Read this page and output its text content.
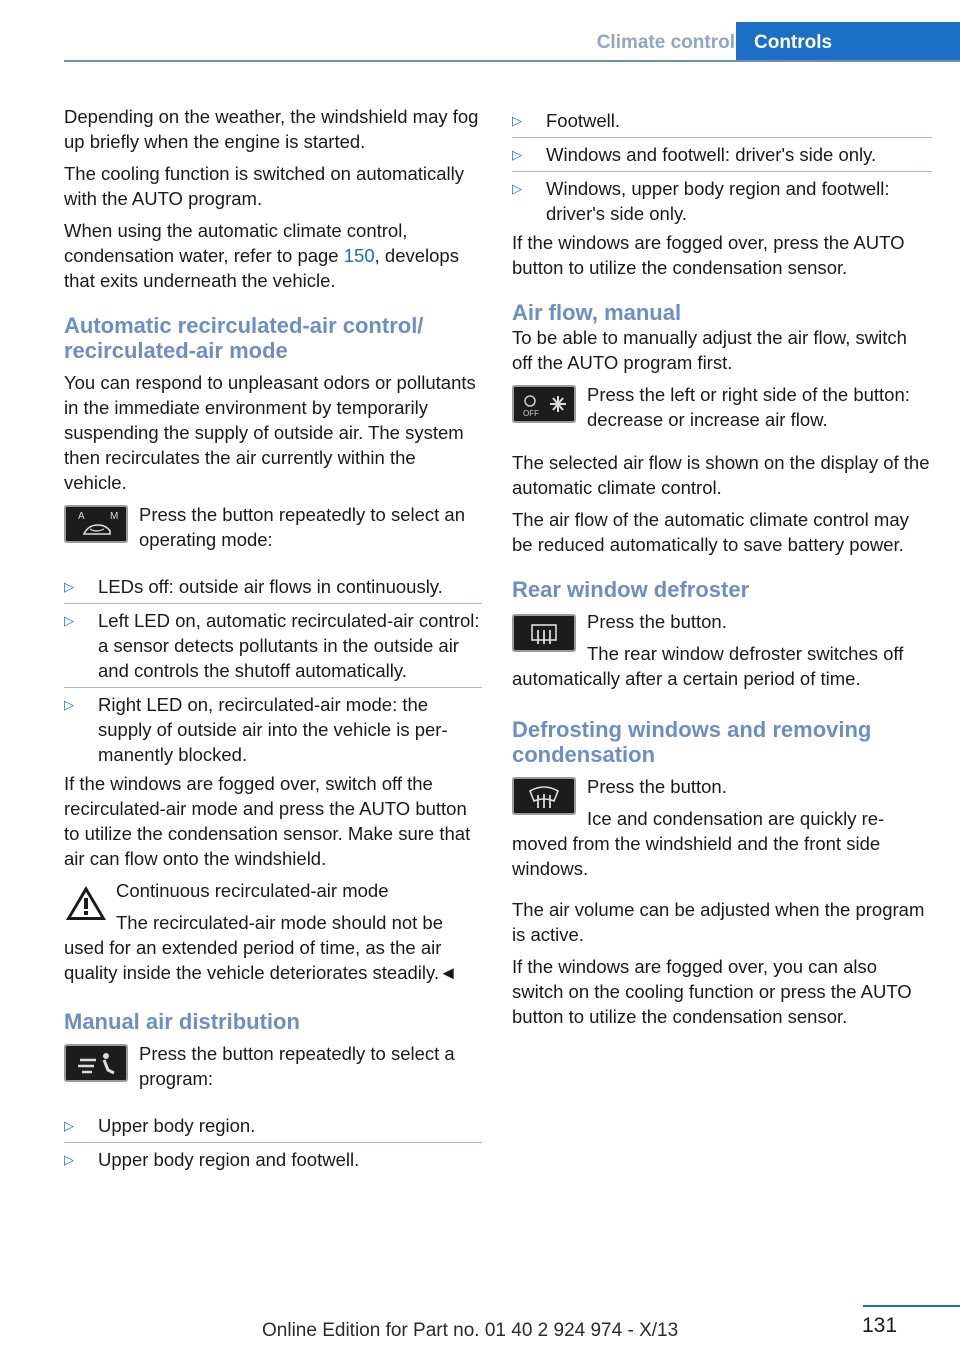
Climate control	Controls

Depending on the weather, the windshield may fog up briefly when the engine is started.

The cooling function is switched on automatically with the AUTO program.

When using the automatic climate control, condensation water, refer to page 150, develops that exits underneath the vehicle.

Automatic recirculated-air control/ recirculated-air mode

You can respond to unpleasant odors or pollutants in the immediate environment by temporarily suspending the supply of outside air. The system then recirculates the air currently within the vehicle.

A	M Press the button repeatedly to select an operating mode:
▷ LEDs off: outside air flows in continuously.
▷ Left LED on, automatic recirculated-air control: a sensor detects pollutants in the outside air and controls the shutoff automatically.
▷ Right LED on, recirculated-air mode: the supply of outside air into the vehicle is permanently blocked.

If the windows are fogged over, switch off the recirculated-air mode and press the AUTO button to utilize the condensation sensor. Make sure that air can flow onto the windshield.

Continuous recirculated-air mode

The recirculated-air mode should not be used for an extended period of time, as the air quality inside the vehicle deteriorates steadily.◄

Manual air distribution
Press the button repeatedly to select a program:
▷ Upper body region.
▷ Upper body region and footwell.
▷ Footwell.
▷ Windows and footwell: driver's side only.
▷ Windows, upper body region and footwell: driver's side only.

If the windows are fogged over, press the AUTO button to utilize the condensation sensor.

Air flow, manual

To be able to manually adjust the air flow, switch off the AUTO program first.

OFF
Press the left or right side of the button: decrease or increase air flow.

The selected air flow is shown on the display of the automatic climate control.

The air flow of the automatic climate control may be reduced automatically to save battery power.

Rear window defroster

Press the button.

The rear window defroster switches off automatically after a certain period of time.

Defrosting windows and removing condensation

Press the button.

Ice and condensation are quickly removed from the windshield and the front side windows.

The air volume can be adjusted when the program is active.

If the windows are fogged over, you can also switch on the cooling function or press the AUTO button to utilize the condensation sensor.

131
Online Edition for Part no. 01 40 2 924 974 - X/13
